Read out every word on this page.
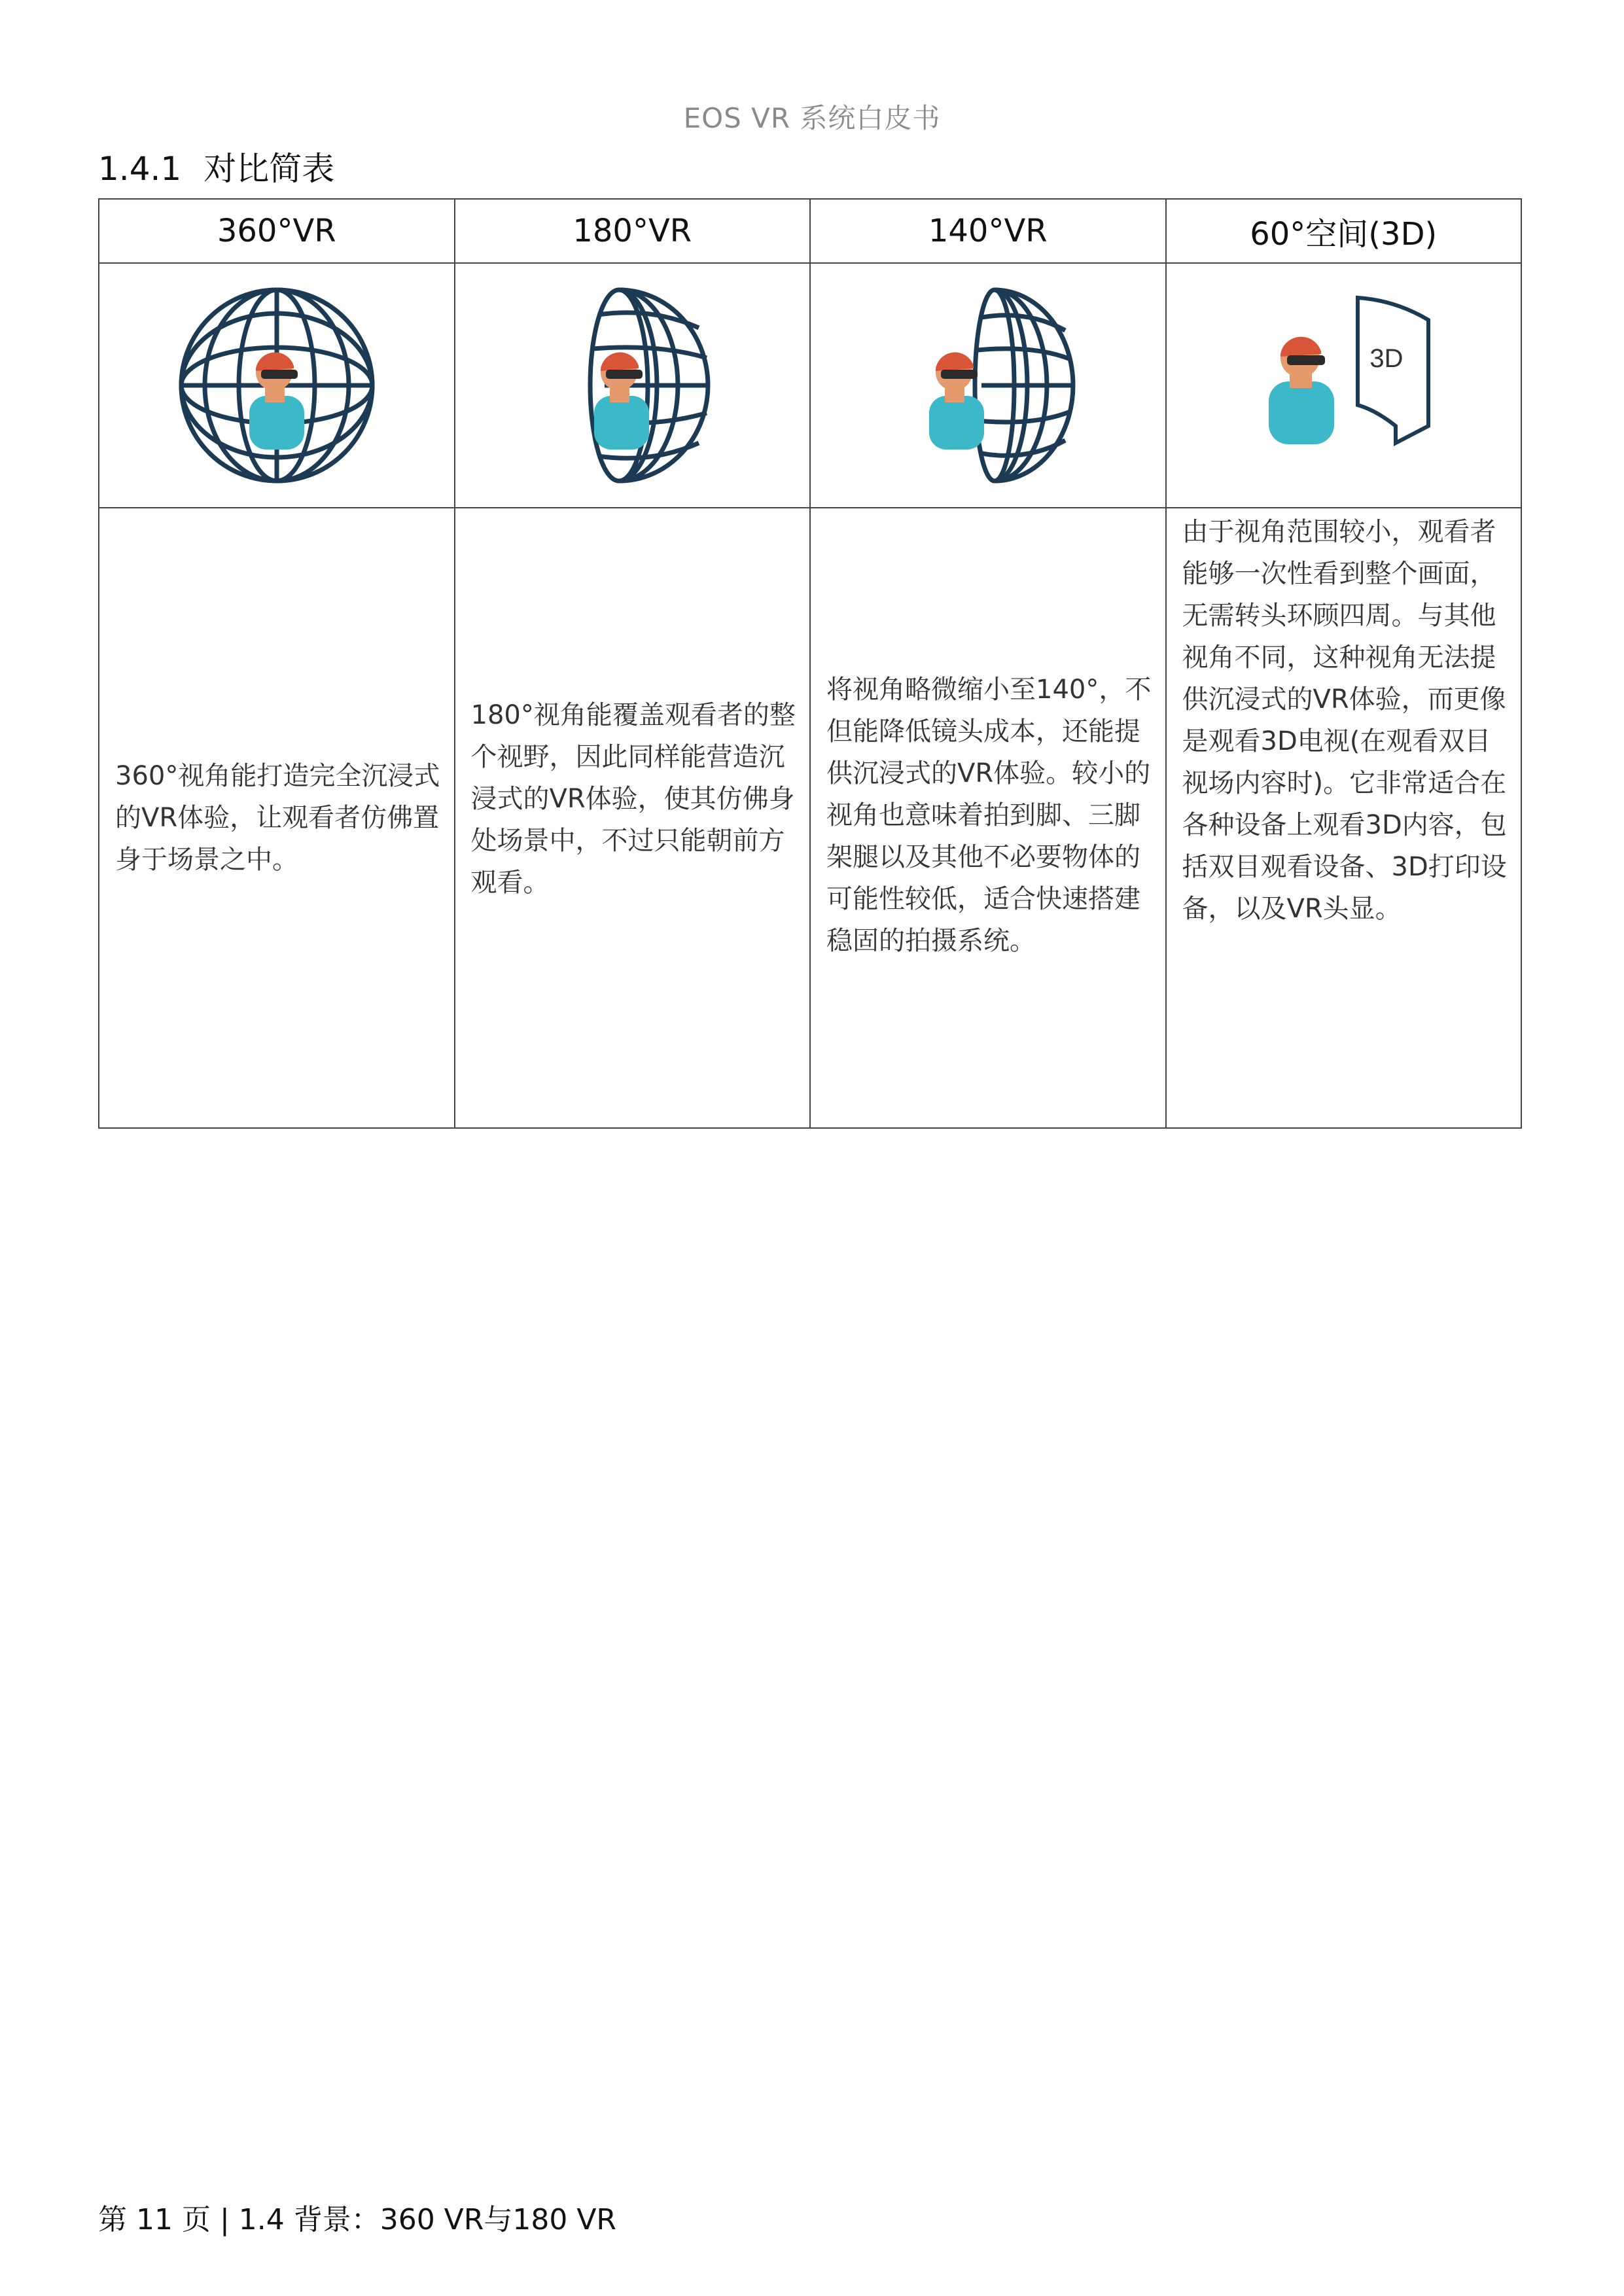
EOS VR 系统白皮书
1.4.1 对比简表
360°VR	180°VR	140°VR	60°空间(3D)

3D

360°视角能打造完全沉浸式的VR体验，让观看者仿佛置身于场景之中。	180°视角能覆盖观看者的整个视野，因此同样能营造沉浸式的VR体验，使其仿佛身处场景中，不过只能朝前方观看。	将视角略微缩小至140°，不但能降低镜头成本，还能提供沉浸式的VR体验。较小的视角也意味着拍到脚、三脚架腿以及其他不必要物体的可能性较低，适合快速搭建稳固的拍摄系统。	由于视角范围较小，观看者能够一次性看到整个画面，无需转头环顾四周。与其他视角不同，这种视角无法提供沉浸式的VR体验，而更像是观看3D电视(在观看双目视场内容时)。它非常适合在各种设备上观看3D内容，包括双目观看设备、3D打印设备，以及VR头显。
第 11 页 | 1.4 背景：360 VR与180 VR
